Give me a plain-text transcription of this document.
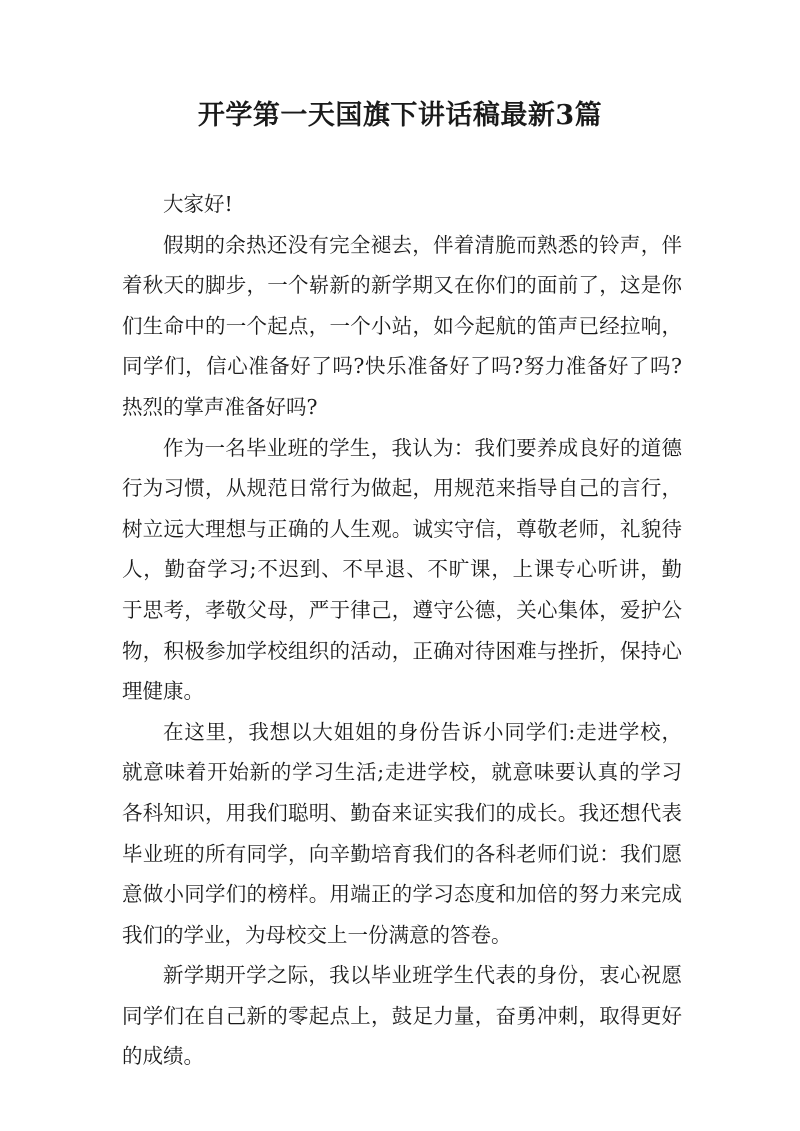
开学第一天国旗下讲话稿最新3篇

大家好!

假期的余热还没有完全褪去，伴着清脆而熟悉的铃声，伴着秋天的脚步，一个崭新的新学期又在你们的面前了，这是你们生命中的一个起点，一个小站，如今起航的笛声已经拉响，同学们，信心准备好了吗?快乐准备好了吗?努力准备好了吗?热烈的掌声准备好吗?

作为一名毕业班的学生，我认为：我们要养成良好的道德行为习惯，从规范日常行为做起，用规范来指导自己的言行，树立远大理想与正确的人生观。诚实守信，尊敬老师，礼貌待人，勤奋学习;不迟到、不早退、不旷课，上课专心听讲，勤于思考，孝敬父母，严于律己，遵守公德，关心集体，爱护公物，积极参加学校组织的活动，正确对待困难与挫折，保持心理健康。

在这里，我想以大姐姐的身份告诉小同学们:走进学校，就意味着开始新的学习生活;走进学校，就意味要认真的学习各科知识，用我们聪明、勤奋来证实我们的成长。我还想代表毕业班的所有同学，向辛勤培育我们的各科老师们说：我们愿意做小同学们的榜样。用端正的学习态度和加倍的努力来完成我们的学业，为母校交上一份满意的答卷。

新学期开学之际，我以毕业班学生代表的身份，衷心祝愿同学们在自己新的零起点上，鼓足力量，奋勇冲刺，取得更好的成绩。
